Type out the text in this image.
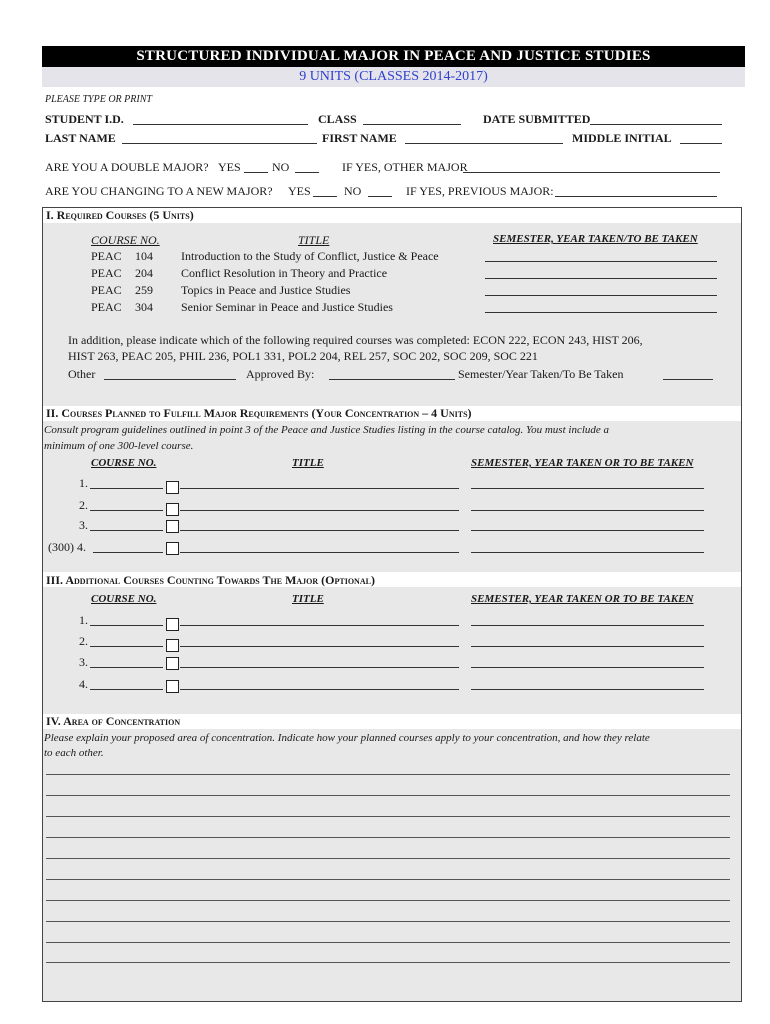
STRUCTURED INDIVIDUAL MAJOR IN PEACE AND JUSTICE STUDIES
9 UNITS (CLASSES 2014-2017)
PLEASE TYPE OR PRINT
STUDENT I.D.	CLASS	DATE SUBMITTED
LAST NAME	FIRST NAME	MIDDLE INITIAL
ARE YOU A DOUBLE MAJOR? YES	NO	IF YES, OTHER MAJOR
ARE YOU CHANGING TO A NEW MAJOR? YES	NO	IF YES, PREVIOUS MAJOR:
I. Required Courses (5 Units)
COURSE NO.	TITLE	SEMESTER, YEAR TAKEN/TO BE TAKEN
PEAC 104 Introduction to the Study of Conflict, Justice & Peace
PEAC 204 Conflict Resolution in Theory and Practice
PEAC 259 Topics in Peace and Justice Studies
PEAC 304 Senior Seminar in Peace and Justice Studies
In addition, please indicate which of the following required courses was completed: ECON 222, ECON 243, HIST 206,
HIST 263, PEAC 205, PHIL 236, POL1 331, POL2 204, REL 257, SOC 202, SOC 209, SOC 221
Other	Approved By:	Semester/Year Taken/To Be Taken
II. Courses Planned to Fulfill Major Requirements (Your Concentration – 4 Units)
Consult program guidelines outlined in point 3 of the Peace and Justice Studies listing in the course catalog. You must include a
minimum of one 300-level course.
COURSE NO.	TITLE	SEMESTER, YEAR TAKEN OR TO BE TAKEN
1.
2.
3.
(300) 4.
III. Additional Courses Counting Towards The Major (Optional)
COURSE NO.	TITLE	SEMESTER, YEAR TAKEN OR TO BE TAKEN
1.
2.
3.
4.
IV. Area of Concentration
Please explain your proposed area of concentration. Indicate how your planned courses apply to your concentration, and how they relate
to each other.
